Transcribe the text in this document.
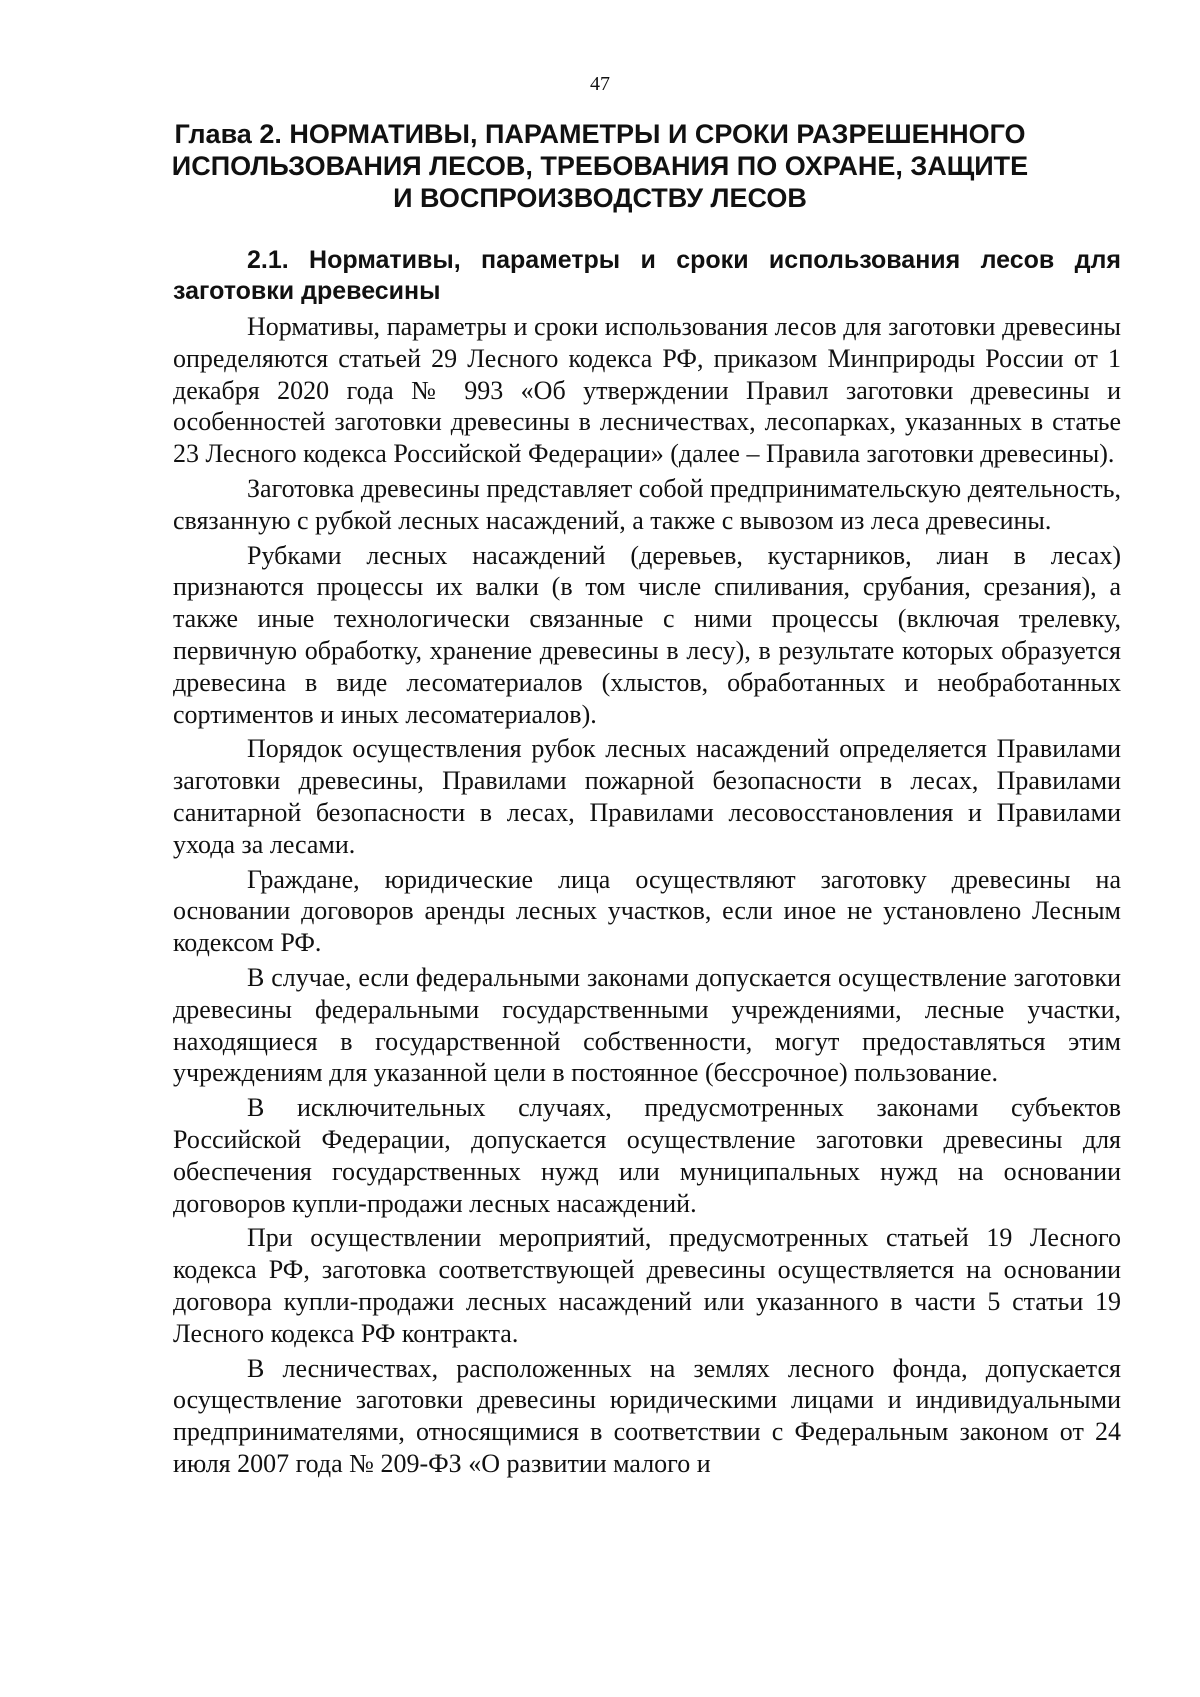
47
Глава 2. НОРМАТИВЫ, ПАРАМЕТРЫ И СРОКИ РАЗРЕШЕННОГО ИСПОЛЬЗОВАНИЯ ЛЕСОВ, ТРЕБОВАНИЯ ПО ОХРАНЕ, ЗАЩИТЕ И ВОСПРОИЗВОДСТВУ ЛЕСОВ
2.1. Нормативы, параметры и сроки использования лесов для заготовки древесины

Нормативы, параметры и сроки использования лесов для заготовки древесины определяются статьей 29 Лесного кодекса РФ, приказом Минприроды России от 1 декабря 2020 года № 993 «Об утверждении Правил заготовки древесины и особенностей заготовки древесины в лесничествах, лесопарках, указанных в статье 23 Лесного кодекса Российской Федерации» (далее – Правила заготовки древесины).

Заготовка древесины представляет собой предпринимательскую деятельность, связанную с рубкой лесных насаждений, а также с вывозом из леса древесины.

Рубками лесных насаждений (деревьев, кустарников, лиан в лесах) признаются процессы их валки (в том числе спиливания, срубания, срезания), а также иные технологически связанные с ними процессы (включая трелевку, первичную обработку, хранение древесины в лесу), в результате которых образуется древесина в виде лесоматериалов (хлыстов, обработанных и необработанных сортиментов и иных лесоматериалов).

Порядок осуществления рубок лесных насаждений определяется Правилами заготовки древесины, Правилами пожарной безопасности в лесах, Правилами санитарной безопасности в лесах, Правилами лесовосстановления и Правилами ухода за лесами.

Граждане, юридические лица осуществляют заготовку древесины на основании договоров аренды лесных участков, если иное не установлено Лесным кодексом РФ.

В случае, если федеральными законами допускается осуществление заготовки древесины федеральными государственными учреждениями, лесные участки, находящиеся в государственной собственности, могут предоставляться этим учреждениям для указанной цели в постоянное (бессрочное) пользование.

В исключительных случаях, предусмотренных законами субъектов Российской Федерации, допускается осуществление заготовки древесины для обеспечения государственных нужд или муниципальных нужд на основании договоров купли-продажи лесных насаждений.

При осуществлении мероприятий, предусмотренных статьей 19 Лесного кодекса РФ, заготовка соответствующей древесины осуществляется на основании договора купли-продажи лесных насаждений или указанного в части 5 статьи 19 Лесного кодекса РФ контракта.

В лесничествах, расположенных на землях лесного фонда, допускается осуществление заготовки древесины юридическими лицами и индивидуальными предпринимателями, относящимися в соответствии с Федеральным законом от 24 июля 2007 года № 209-ФЗ «О развитии малого и
